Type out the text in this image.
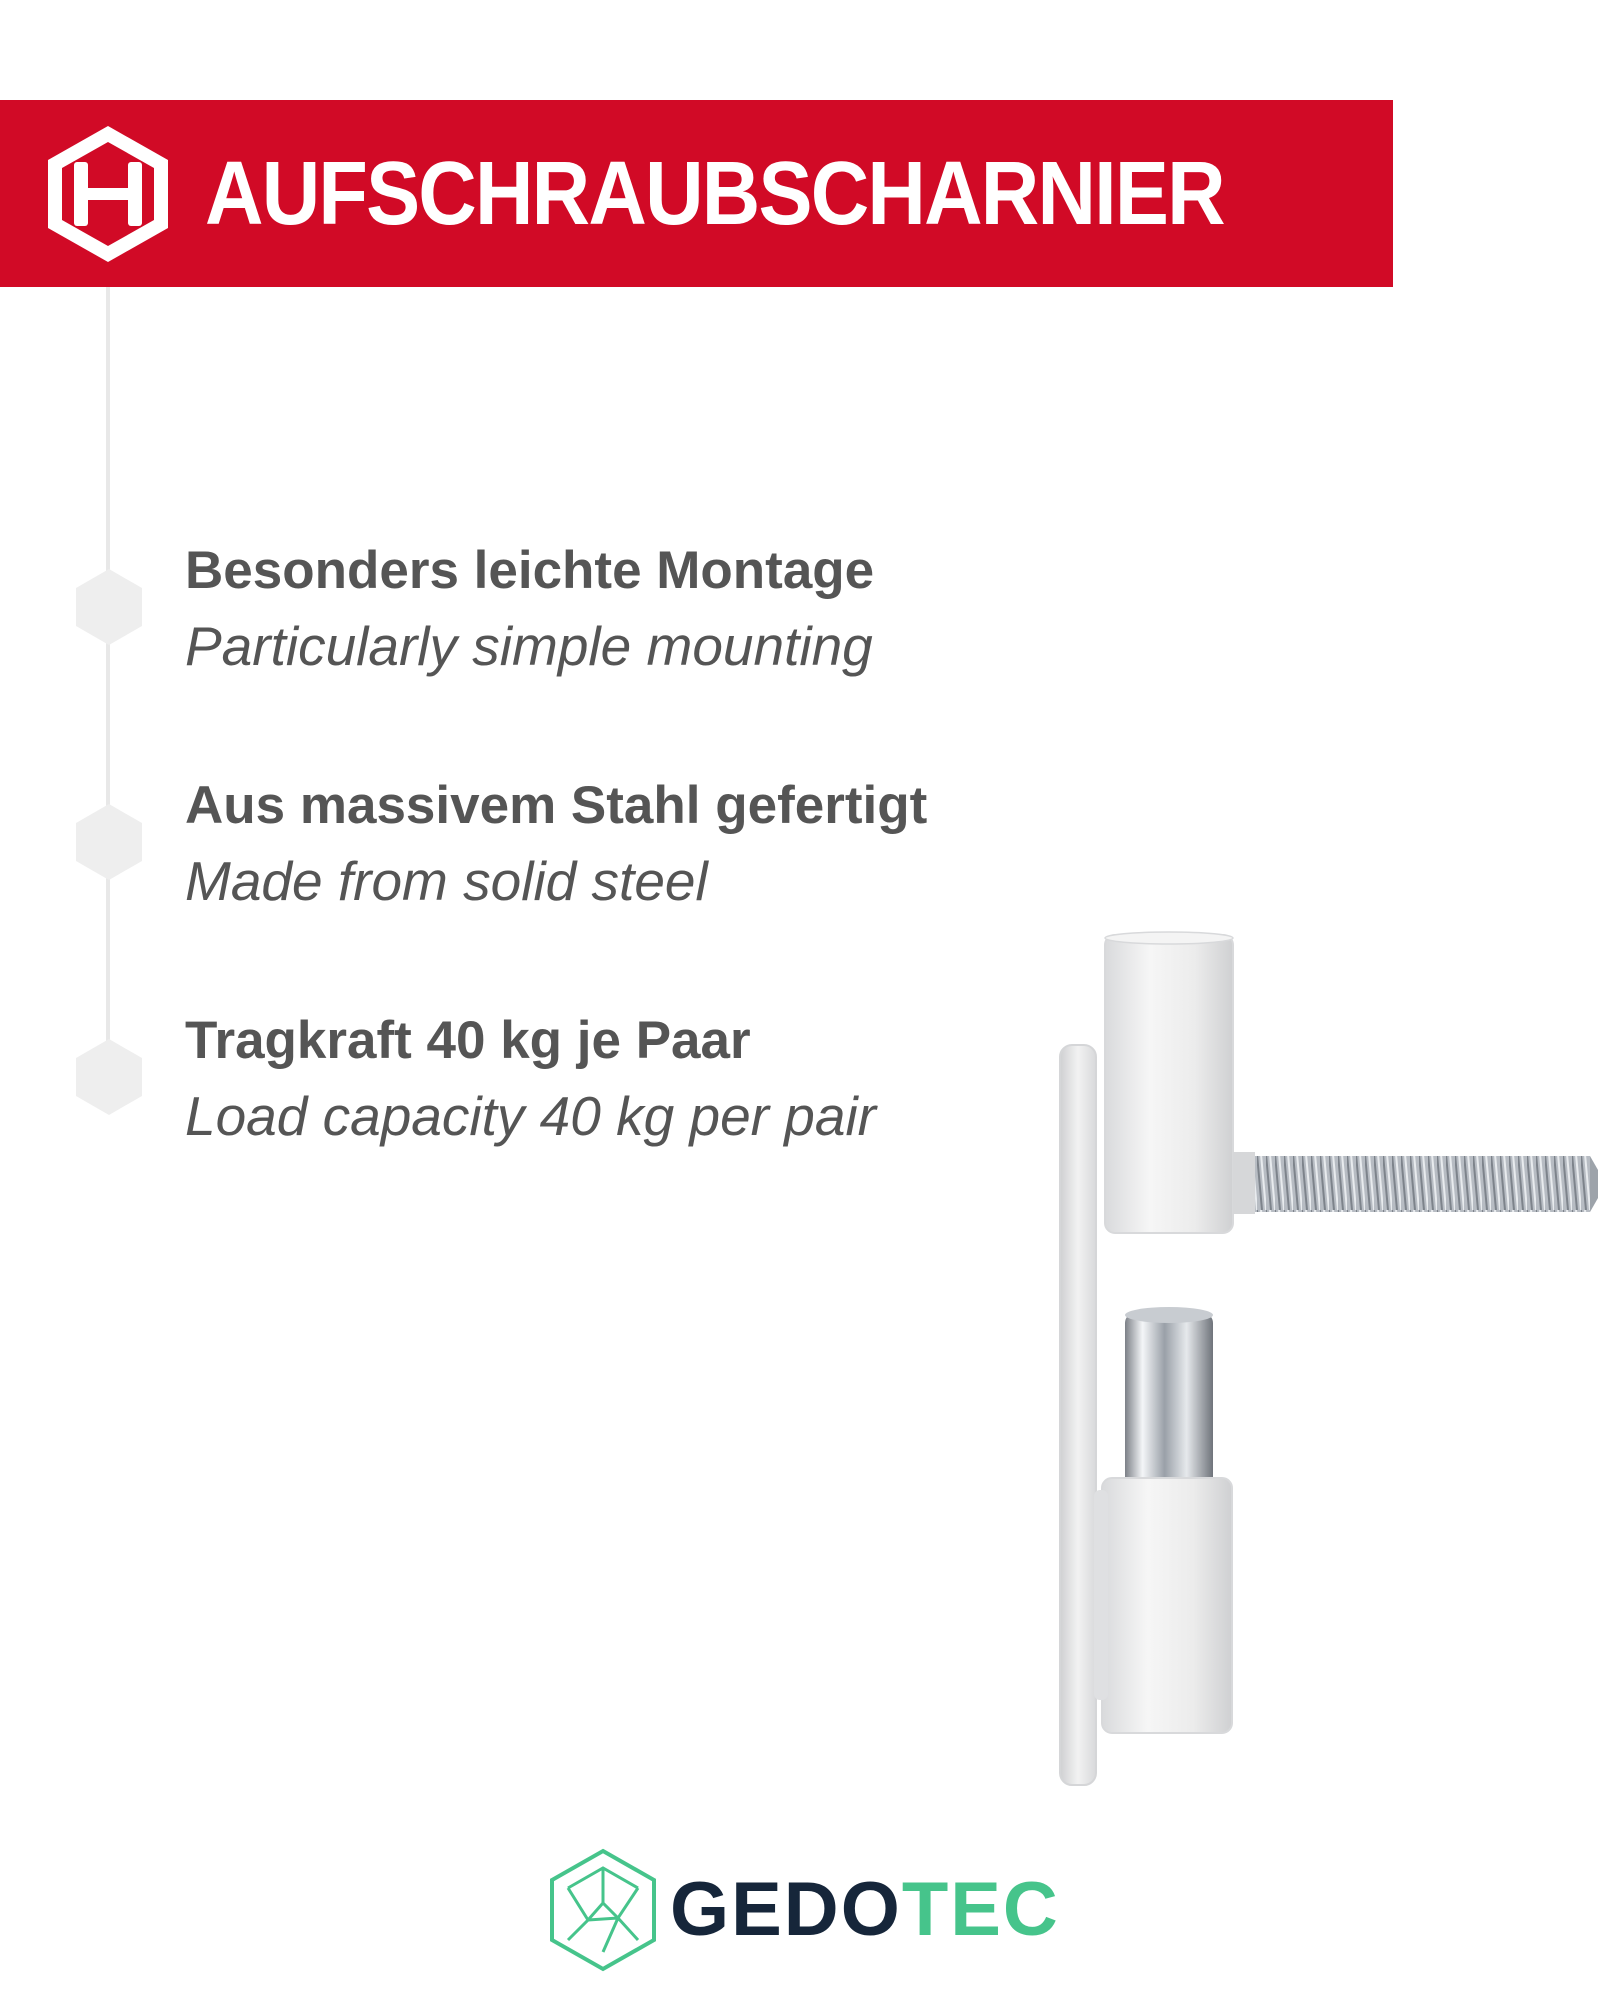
AUFSCHRAUBSCHARNIER
Besonders leichte Montage
Particularly simple mounting
Aus massivem Stahl gefertigt
Made from solid steel
Tragkraft 40 kg je Paar
Load capacity 40 kg per pair
GEDOTEC
